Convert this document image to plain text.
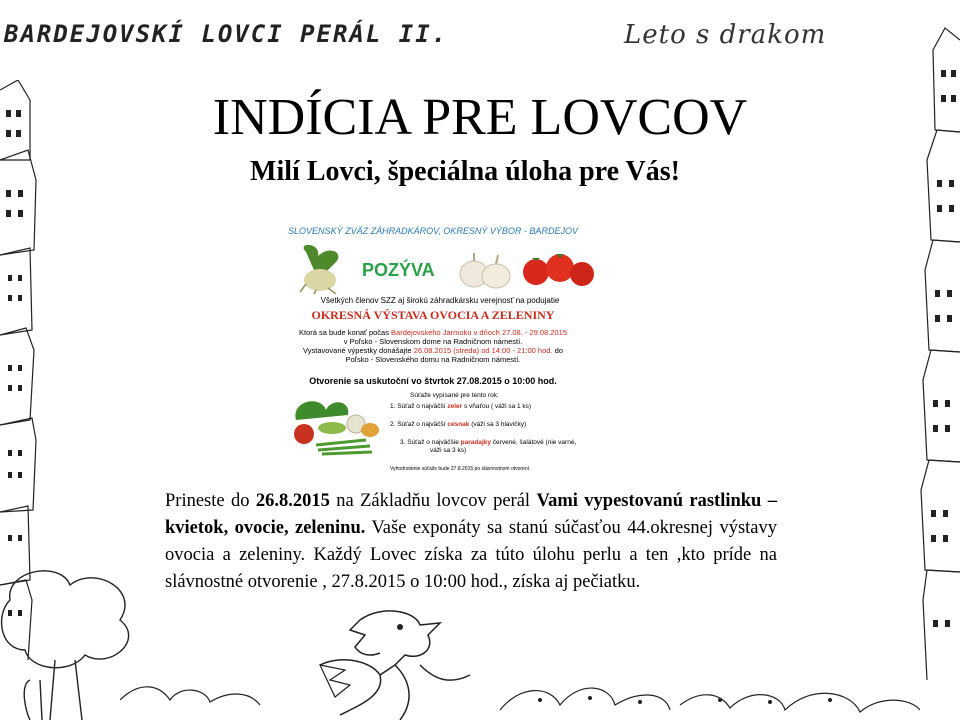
BARDEJOVSKÍ LOVCI PERÁL II.	Leto s drakom
INDÍCIA PRE LOVCOV
Milí Lovci, špeciálna úloha pre Vás!
SLOVENSKÝ ZVÄZ ZÁHRADKÁROV, OKRESNÝ VÝBOR - BARDEJOV
POZÝVA
Všetkých členov SZZ aj širokú záhradkársku verejnosť na podujatie
OKRESNÁ VÝSTAVA OVOCIA A ZELENINY
Ktorá sa bude konať počas Bardejovského Jarmoku v dňoch 27.08. - 29.08.2015
v Poľsko - Slovenskom dome na Radničnom námestí.
Vystavované výpestky donášajte 26.08.2015 (streda) od 14:00 - 21:00 hod. do
Poľsko - Slovenského domu na Radničnom námestí.
Otvorenie sa uskutoční vo štvrtok 27.08.2015 o 10:00 hod.
Súťaže vypísané pre tento rok:
1. Súťaž o najväčší zeler s vňaťou ( váži sa 1 ks)
2. Súťaž o najväčší cesnak (váži sa 3 hlavičky)
3. Súťaž o najväčšie paradajky červené, šalátové (nie varné,
váži sa 3 ks)
Vyhodnotenie súťaže bude 27.8.2015 po slávnostnom otvorení.
Prineste do 26.8.2015 na Základňu lovcov perál Vami vypestovanú rastlinku – kvietok, ovocie, zeleninu. Vaše exponáty sa stanú súčasťou 44.okresnej výstavy ovocia a zeleniny. Každý Lovec získa za túto úlohu perlu a ten ,kto príde na slávnostné otvorenie , 27.8.2015 o 10:00 hod., získa aj pečiatku.
